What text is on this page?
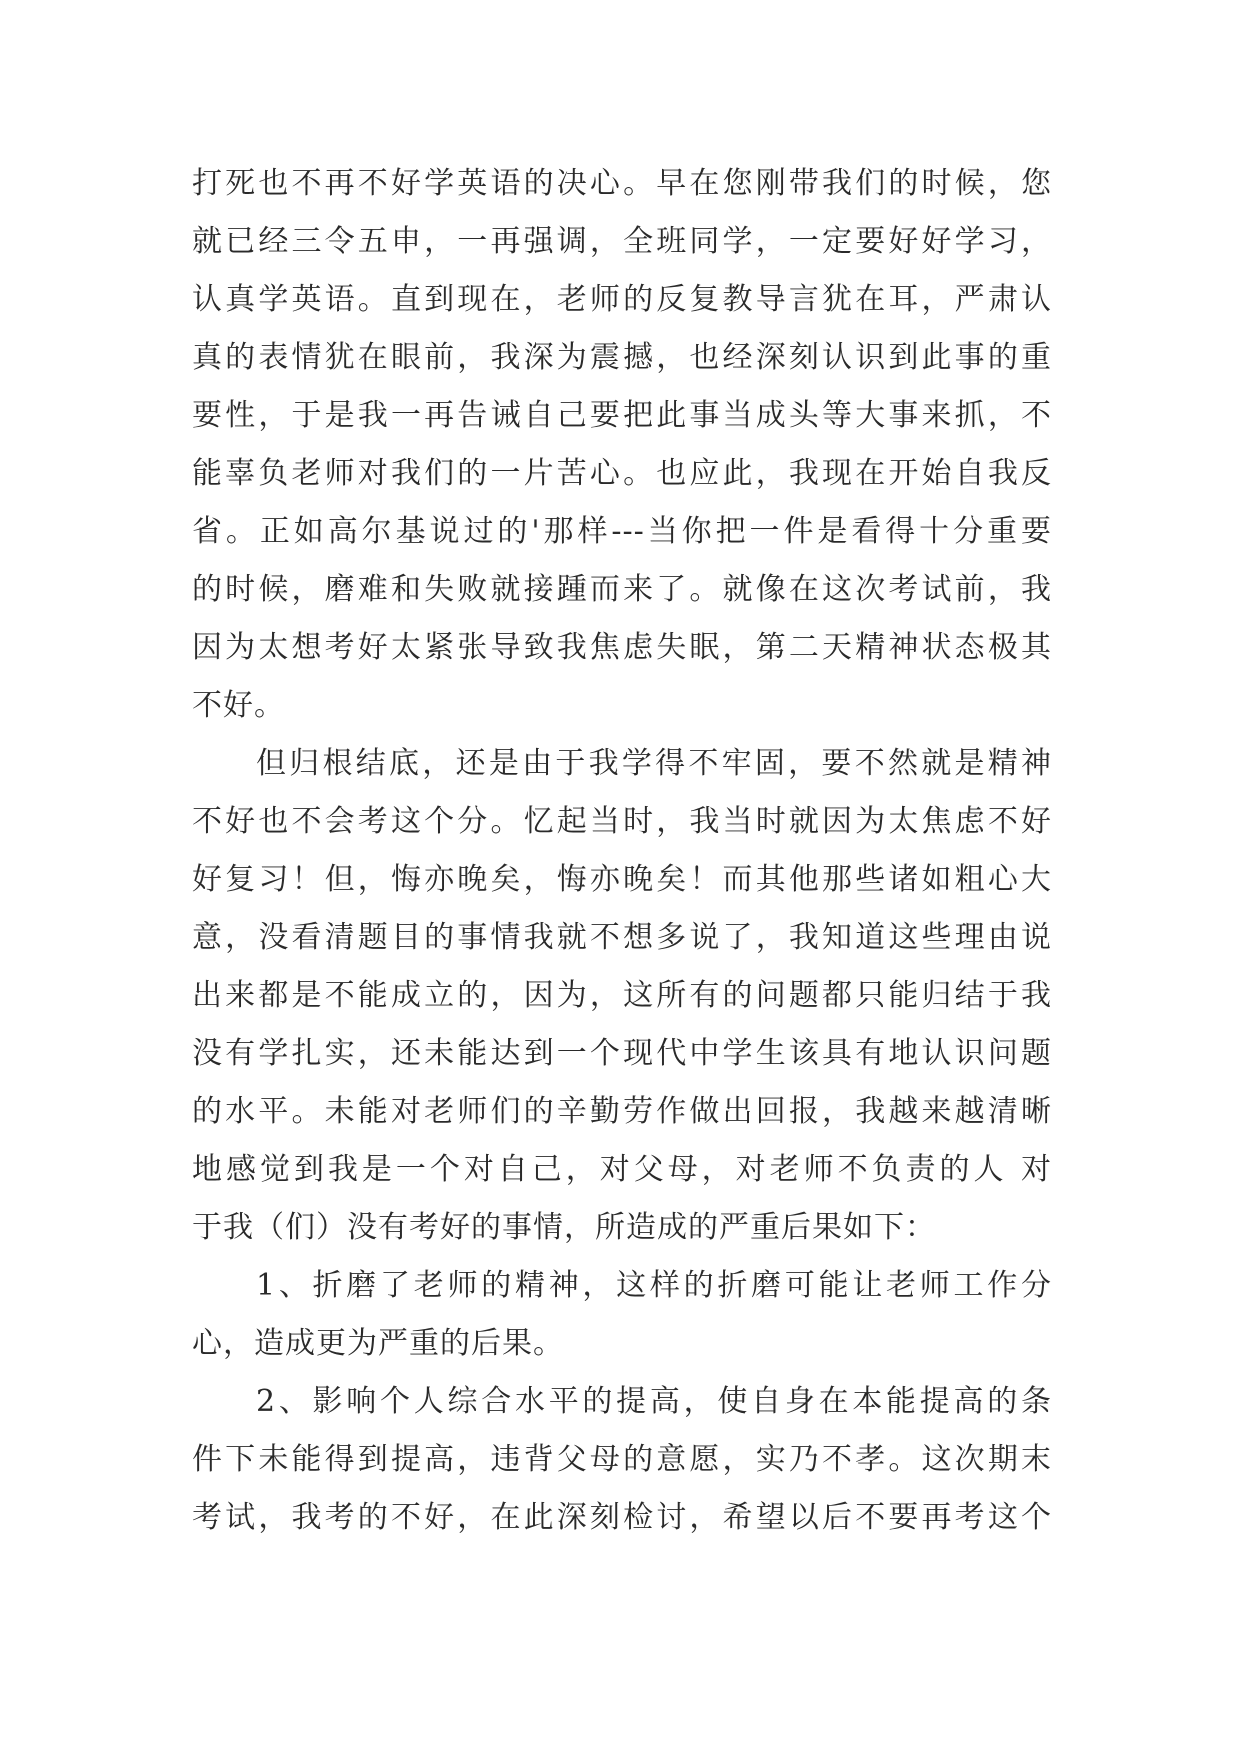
打死也不再不好学英语的决心。早在您刚带我们的时候，您
就已经三令五申，一再强调，全班同学，一定要好好学习，
认真学英语。直到现在，老师的反复教导言犹在耳，严肃认
真的表情犹在眼前，我深为震撼，也经深刻认识到此事的重
要性，于是我一再告诫自己要把此事当成头等大事来抓，不
能辜负老师对我们的一片苦心。也应此，我现在开始自我反
省。正如高尔基说过的'那样---当你把一件是看得十分重要
的时候，磨难和失败就接踵而来了。就像在这次考试前，我
因为太想考好太紧张导致我焦虑失眠，第二天精神状态极其
不好。
但归根结底，还是由于我学得不牢固，要不然就是精神
不好也不会考这个分。忆起当时，我当时就因为太焦虑不好
好复习！但，悔亦晚矣，悔亦晚矣！而其他那些诸如粗心大
意，没看清题目的事情我就不想多说了，我知道这些理由说
出来都是不能成立的，因为，这所有的问题都只能归结于我
没有学扎实，还未能达到一个现代中学生该具有地认识问题
的水平。未能对老师们的辛勤劳作做出回报，我越来越清晰
地感觉到我是一个对自己，对父母，对老师不负责的人 对
于我（们）没有考好的事情，所造成的严重后果如下：
1、折磨了老师的精神，这样的折磨可能让老师工作分
心，造成更为严重的后果。
2、影响个人综合水平的提高，使自身在本能提高的条
件下未能得到提高，违背父母的意愿，实乃不孝。这次期末
考试，我考的不好，在此深刻检讨，希望以后不要再考这个
